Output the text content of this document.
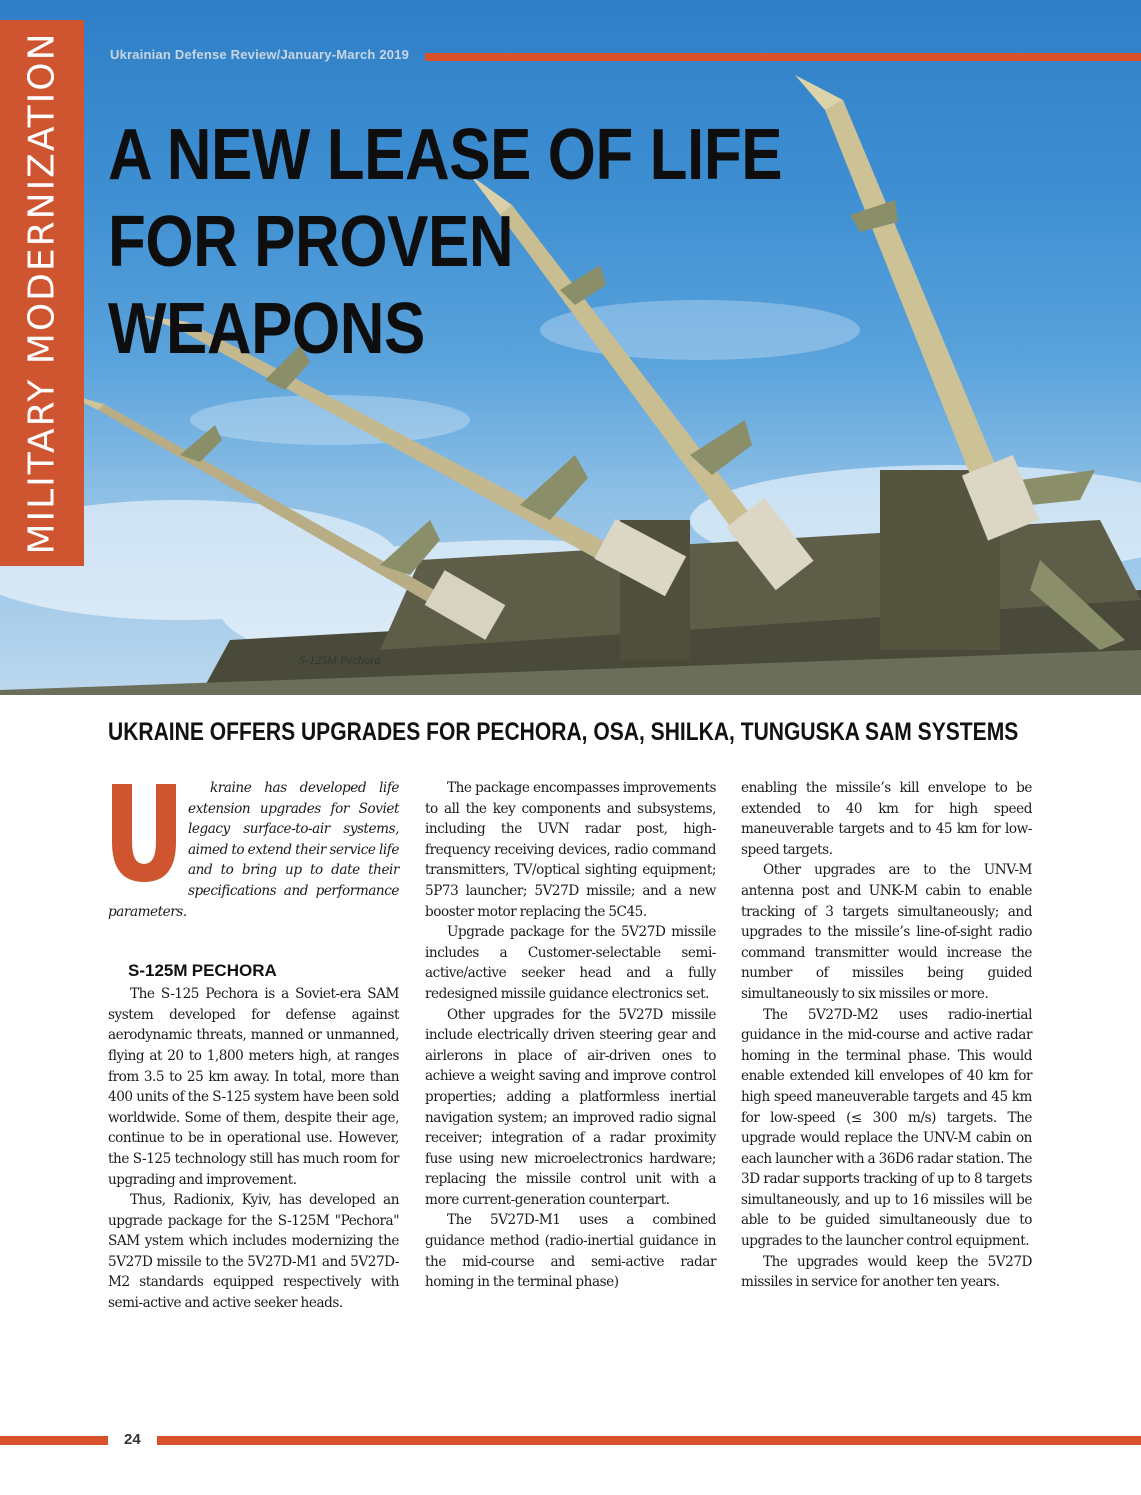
MILITARY MODERNIZATION	Ukrainian Defense Review/January-March 2019
A NEW LEASE OF LIFE
FOR PROVEN
WEAPONS
S-125M Pechora
UKRAINE OFFERS UPGRADES FOR PECHORA, OSA, SHILKA, TUNGUSKA SAM SYSTEMS
U

kraine has developed life extension upgrades for Soviet legacy surface-to-air systems, aimed to extend their service life and to bring up to date their specifications and performance parameters.

S-125M PECHORA

The S-125 Pechora is a Soviet-era SAM system developed for defense against aerodynamic threats, manned or unmanned, flying at 20 to 1,800 meters high, at ranges from 3.5 to 25 km away. In total, more than 400 units of the S-125 system have been sold worldwide. Some of them, despite their age, continue to be in operational use. However, the S-125 technology still has much room for upgrading and improvement.

Thus, Radionix, Kyiv, has developed an upgrade package for the S-125M "Pechora" SAM ystem which includes modernizing the 5V27D missile to the 5V27D-M1 and 5V27D-M2 standards equipped respectively with semi-active and active seeker heads.

The package encompasses improvements to all the key components and subsystems, including the UVN radar post, high-frequency receiving devices, radio command transmitters, TV/optical sighting equipment; 5P73 launcher; 5V27D missile; and a new booster motor replacing the 5C45.

Upgrade package for the 5V27D missile includes a Customer-selectable semi-active/active seeker head and a fully redesigned missile guidance electronics set.

Other upgrades for the 5V27D missile include electrically driven steering gear and airlerons in place of air-driven ones to achieve a weight saving and improve control properties; adding a platformless inertial navigation system; an improved radio signal receiver; integration of a radar proximity fuse using new microelectronics hardware; replacing the missile control unit with a more current-generation counterpart.

The 5V27D-M1 uses a combined guidance method (radio-inertial guidance in the mid-course and semi-active radar homing in the terminal phase)

enabling the missile’s kill envelope to be extended to 40 km for high speed maneuverable targets and to 45 km for low-speed targets.

Other upgrades are to the UNV-M antenna post and UNK-M cabin to enable tracking of 3 targets simultaneously; and upgrades to the missile’s line-of-sight radio command transmitter would increase the number of missiles being guided simultaneously to six missiles or more.

The 5V27D-M2 uses radio-inertial guidance in the mid-course and active radar homing in the terminal phase. This would enable extended kill envelopes of 40 km for high speed maneuverable targets and 45 km for low-speed (≤ 300 m/s) targets. The upgrade would replace the UNV-M cabin on each launcher with a 36D6 radar station. The 3D radar supports tracking of up to 8 targets simultaneously, and up to 16 missiles will be able to be guided simultaneously due to upgrades to the launcher control equipment.

The upgrades would keep the 5V27D missiles in service for another ten years.

24
